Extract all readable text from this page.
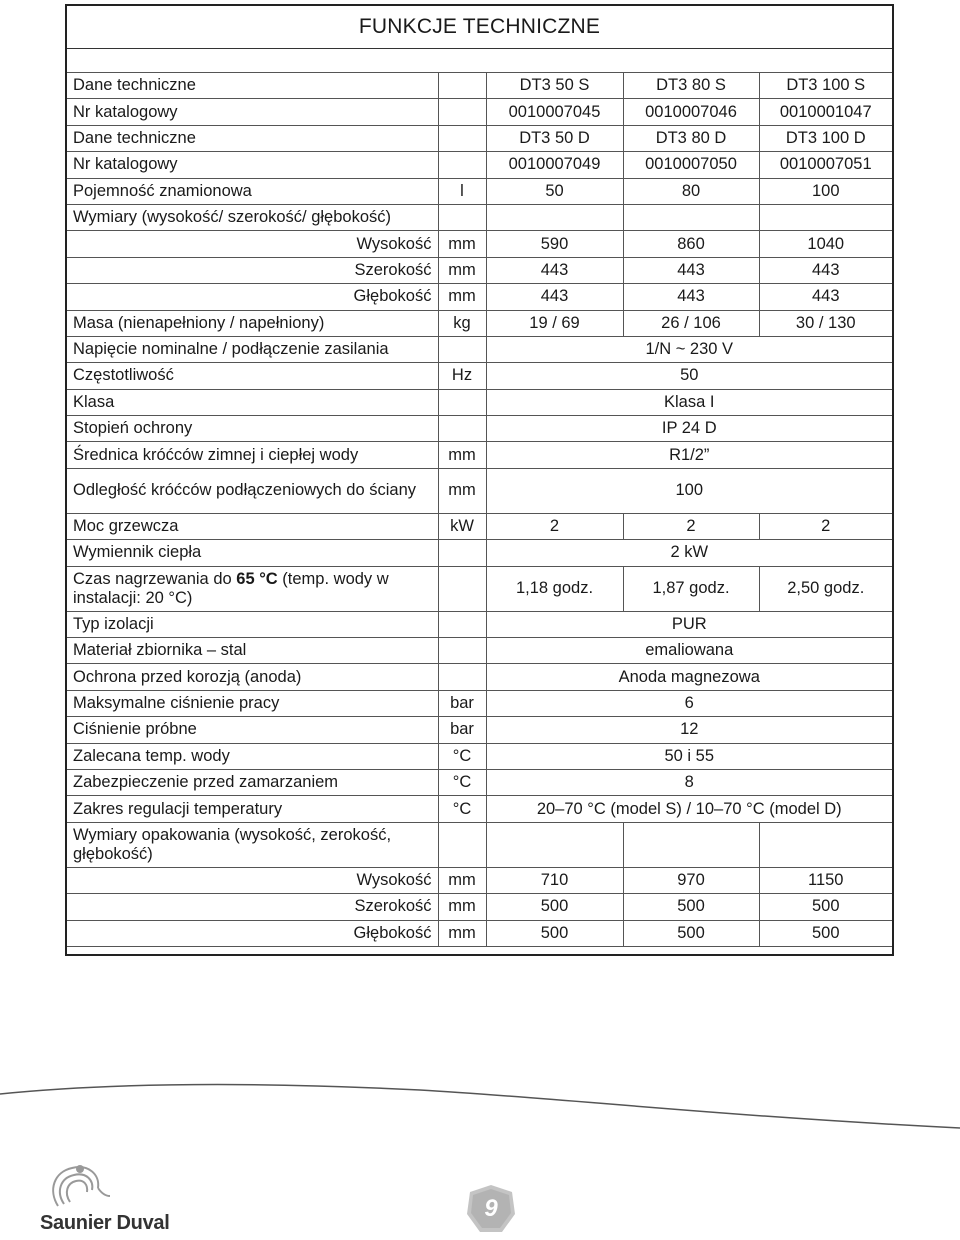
FUNKCJE TECHNICZNE
Dane techniczne		DT3 50 S	DT3 80 S	DT3 100 S
Nr katalogowy		0010007045	0010007046	0010001047
Dane techniczne		DT3 50 D	DT3 80 D	DT3 100 D
Nr katalogowy		0010007049	0010007050	0010007051
Pojemność znamionowa	l	50	80	100
Wymiary (wysokość/ szerokość/ głębokość)				
Wysokość	mm	590	860	1040
Szerokość	mm	443	443	443
Głębokość	mm	443	443	443
Masa (nienapełniony / napełniony)	kg	19 / 69	26 / 106	30 / 130
Napięcie nominalne / podłączenie zasilania		1/N ~ 230 V		
Częstotliwość	Hz	50		
Klasa		Klasa I		
Stopień ochrony		IP 24 D		
Średnica króćców zimnej i ciepłej wody	mm	R1/2”		
Odległość króćców podłączeniowych do ściany	mm	100		
Moc grzewcza	kW	2	2	2
Wymiennik ciepła		2 kW		
Czas nagrzewania do 65 °C (temp. wody w instalacji: 20 °C)		1,18 godz.	1,87 godz.	2,50 godz.
Typ izolacji		PUR		
Materiał zbiornika – stal		emaliowana		
Ochrona przed korozją (anoda)		Anoda magnezowa		
Maksymalne ciśnienie pracy	bar	6		
Ciśnienie próbne	bar	12		
Zalecana temp. wody	°C	50 i 55		
Zabezpieczenie przed zamarzaniem	°C	8		
Zakres regulacji temperatury	°C	20–70 °C (model S) / 10–70 °C (model D)		
Wymiary opakowania (wysokość, zerokość, głębokość)				
Wysokość	mm	710	970	1150
Szerokość	mm	500	500	500
Głębokość	mm	500	500	500
Saunier Duval
9
